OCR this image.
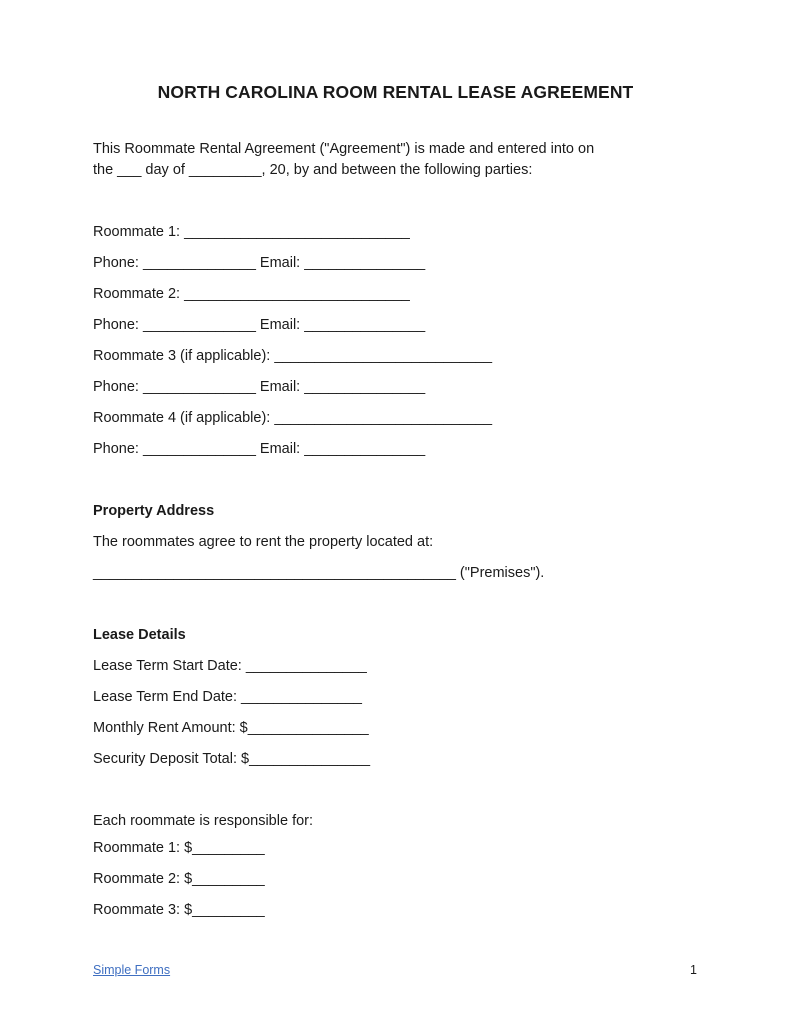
NORTH CAROLINA ROOM RENTAL LEASE AGREEMENT
This Roommate Rental Agreement ("Agreement") is made and entered into on
the ___ day of _________, 20, by and between the following parties:
Roommate 1: ____________________________
Phone: ______________ Email: _______________
Roommate 2: ____________________________
Phone: ______________ Email: _______________
Roommate 3 (if applicable): ___________________________
Phone: ______________ Email: _______________
Roommate 4 (if applicable): ___________________________
Phone: ______________ Email: _______________
Property Address
The roommates agree to rent the property located at:
_____________________________________________ ("Premises").
Lease Details
Lease Term Start Date: _______________
Lease Term End Date: _______________
Monthly Rent Amount: $_______________
Security Deposit Total: $_______________
Each roommate is responsible for:
Roommate 1: $_________
Roommate 2: $_________
Roommate 3: $_________
Simple Forms	1
